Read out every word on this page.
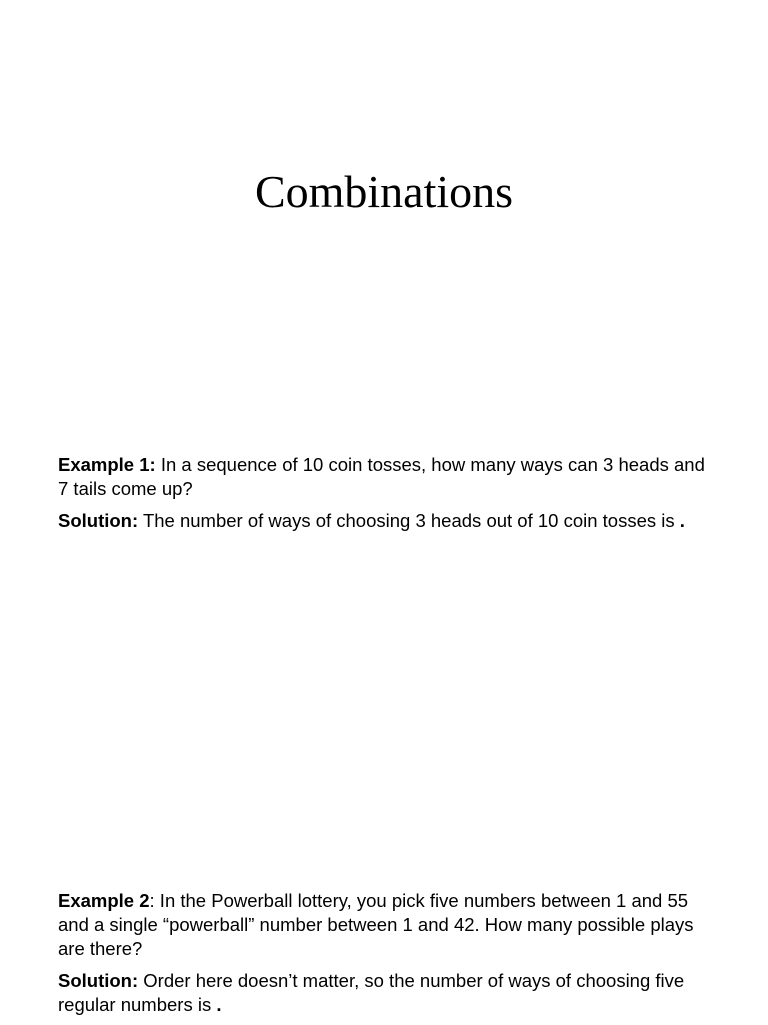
Combinations

Example 1: In a sequence of 10 coin tosses, how many ways can 3 heads and 7 tails come up?

Solution: The number of ways of choosing 3 heads out of 10 coin tosses is .

Example 2: In the Powerball lottery, you pick five numbers between 1 and 55 and a single “powerball” number between 1 and 42. How many possible plays are there?

Solution: Order here doesn’t matter, so the number of ways of choosing five regular numbers is .
